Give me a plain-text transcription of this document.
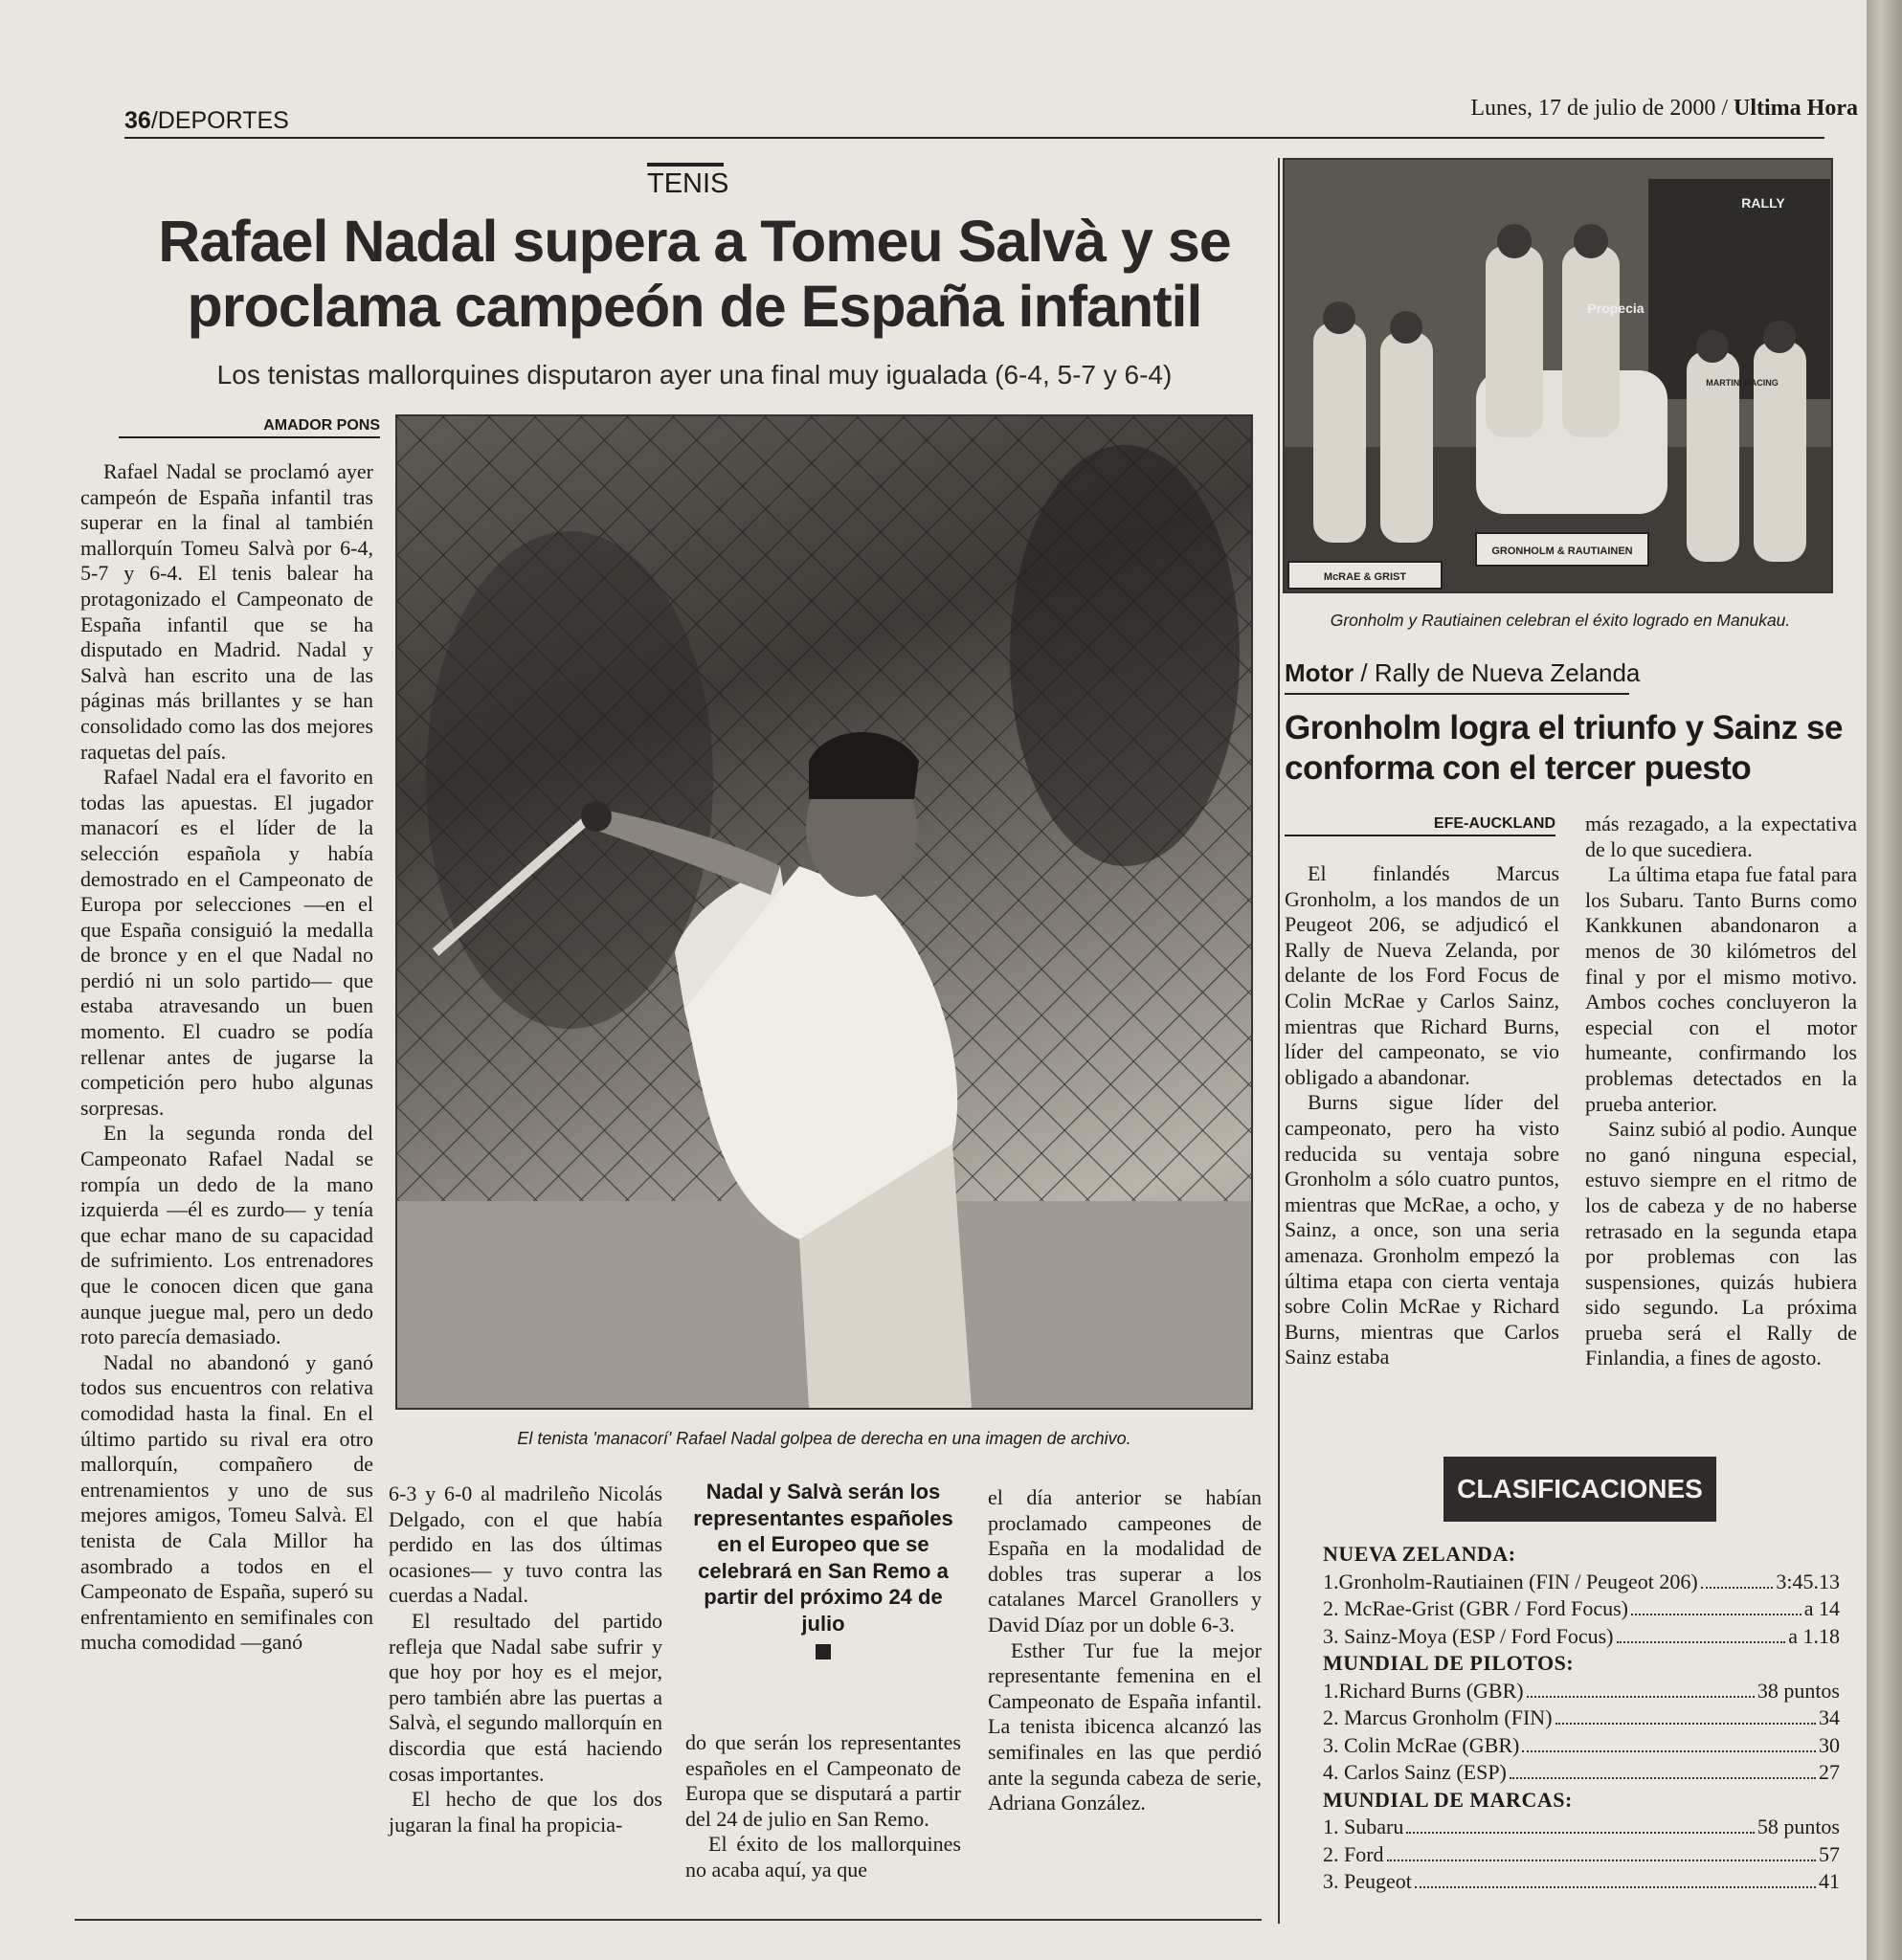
36/DEPORTES	Lunes, 17 de julio de 2000 / Ultima Hora
TENIS
Rafael Nadal supera a Tomeu Salvà y se proclama campeón de España infantil
Los tenistas mallorquines disputaron ayer una final muy igualada (6-4, 5-7 y 6-4)
AMADOR PONS

Rafael Nadal se proclamó ayer campeón de España infantil tras superar en la final al también mallorquín Tomeu Salvà por 6-4, 5-7 y 6-4. El tenis balear ha protagonizado el Campeonato de España infantil que se ha disputado en Madrid. Nadal y Salvà han escrito una de las páginas más brillantes y se han consolidado como las dos mejores raquetas del país.

Rafael Nadal era el favorito en todas las apuestas. El jugador manacorí es el líder de la selección española y había demostrado en el Campeonato de Europa por selecciones —en el que España consiguió la medalla de bronce y en el que Nadal no perdió ni un solo partido— que estaba atravesando un buen momento. El cuadro se podía rellenar antes de jugarse la competición pero hubo algunas sorpresas.

En la segunda ronda del Campeonato Rafael Nadal se rompía un dedo de la mano izquierda —él es zurdo— y tenía que echar mano de su capacidad de sufrimiento. Los entrenadores que le conocen dicen que gana aunque juegue mal, pero un dedo roto parecía demasiado.

Nadal no abandonó y ganó todos sus encuentros con relativa comodidad hasta la final. En el último partido su rival era otro mallorquín, compañero de entrenamientos y uno de sus mejores amigos, Tomeu Salvà. El tenista de Cala Millor ha asombrado a todos en el Campeonato de España, superó su enfrentamiento en semifinales con mucha comodidad —ganó

El tenista 'manacorí' Rafael Nadal golpea de derecha en una imagen de archivo.

6-3 y 6-0 al madrileño Nicolás Delgado, con el que había perdido en las dos últimas ocasiones— y tuvo contra las cuerdas a Nadal.

El resultado del partido refleja que Nadal sabe sufrir y que hoy por hoy es el mejor, pero también abre las puertas a Salvà, el segundo mallorquín en discordia que está haciendo cosas importantes.

El hecho de que los dos jugaran la final ha propicia-

Nadal y Salvà serán los representantes españoles en el Europeo que se celebrará en San Remo a partir del próximo 24 de julio

do que serán los representantes españoles en el Campeonato de Europa que se disputará a partir del 24 de julio en San Remo.

El éxito de los mallorquines no acaba aquí, ya que

el día anterior se habían proclamado campeones de España en la modalidad de dobles tras superar a los catalanes Marcel Granollers y David Díaz por un doble 6-3.

Esther Tur fue la mejor representante femenina en el Campeonato de España infantil. La tenista ibicenca alcanzó las semifinales en las que perdió ante la segunda cabeza de serie, Adriana González.

GRONHOLM & RAUTIAINEN
McRAE & GRIST
MARTINI RACING
Propecia
RALLY
Gronholm y Rautiainen celebran el éxito logrado en Manukau.
Motor / Rally de Nueva Zelanda
Gronholm logra el triunfo y Sainz se conforma con el tercer puesto
EFE-AUCKLAND

El finlandés Marcus Gronholm, a los mandos de un Peugeot 206, se adjudicó el Rally de Nueva Zelanda, por delante de los Ford Focus de Colin McRae y Carlos Sainz, mientras que Richard Burns, líder del campeonato, se vio obligado a abandonar.

Burns sigue líder del campeonato, pero ha visto reducida su ventaja sobre Gronholm a sólo cuatro puntos, mientras que McRae, a ocho, y Sainz, a once, son una seria amenaza. Gronholm empezó la última etapa con cierta ventaja sobre Colin McRae y Richard Burns, mientras que Carlos Sainz estaba

más rezagado, a la expectativa de lo que sucediera.

La última etapa fue fatal para los Subaru. Tanto Burns como Kankkunen abandonaron a menos de 30 kilómetros del final y por el mismo motivo. Ambos coches concluyeron la especial con el motor humeante, confirmando los problemas detectados en la prueba anterior.

Sainz subió al podio. Aunque no ganó ninguna especial, estuvo siempre en el ritmo de los de cabeza y de no haberse retrasado en la segunda etapa por problemas con las suspensiones, quizás hubiera sido segundo. La próxima prueba será el Rally de Finlandia, a fines de agosto.

CLASIFICACIONES
NUEVA ZELANDA:
1.Gronholm-Rautiainen (FIN / Peugeot 206)	3:45.13
2. McRae-Grist (GBR / Ford Focus)	a 14
3. Sainz-Moya (ESP / Ford Focus)	a 1.18
MUNDIAL DE PILOTOS:
1.Richard Burns (GBR)	38 puntos
2. Marcus Gronholm (FIN)	34
3. Colin McRae (GBR)	30
4. Carlos Sainz (ESP)	27
MUNDIAL DE MARCAS:
1. Subaru	58 puntos
2. Ford	57
3. Peugeot	41
